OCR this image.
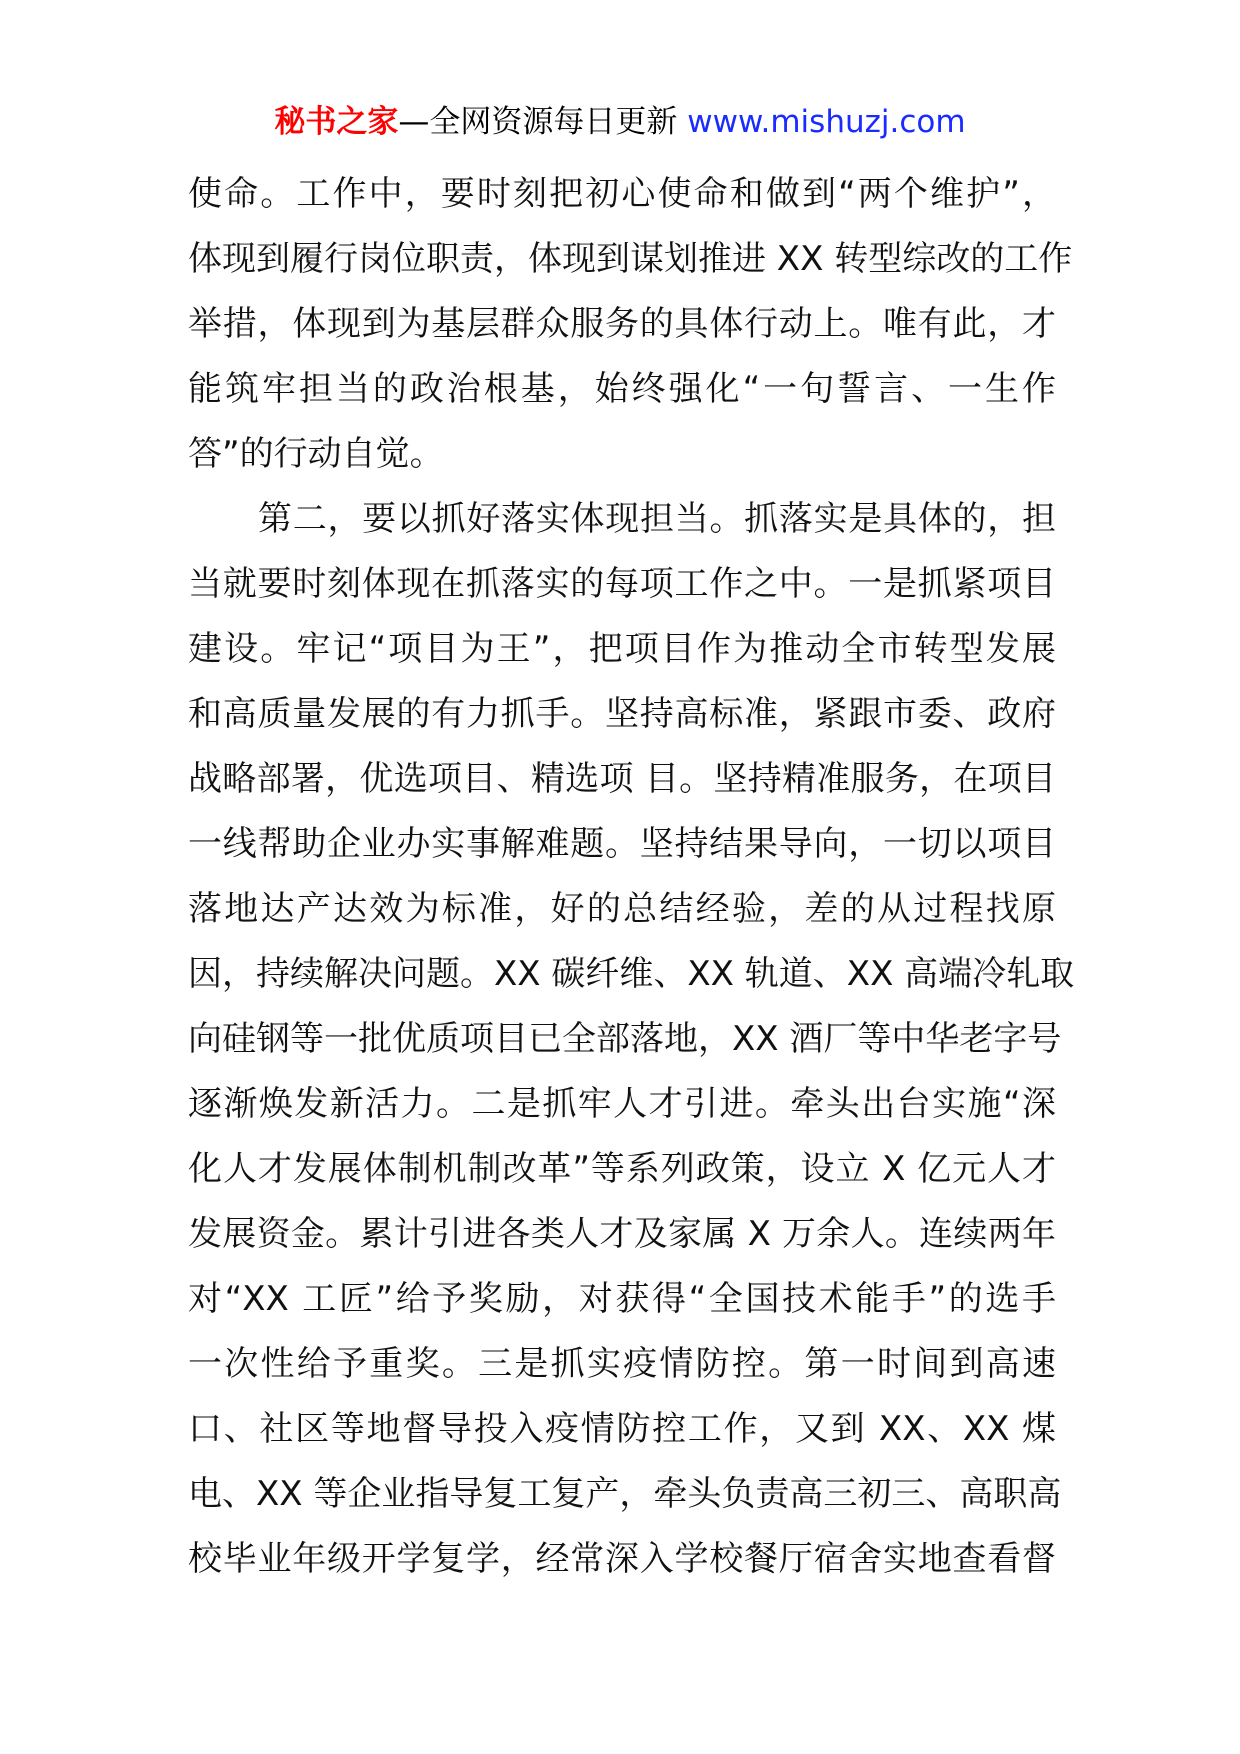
秘书之家—全网资源每日更新 www.mishuzj.com
使命。工作中，要时刻把初心使命和做到“两个维护”，
体现到履行岗位职责，体现到谋划推进 XX 转型综改的工作
举措，体现到为基层群众服务的具体行动上。唯有此，才
能筑牢担当的政治根基，始终强化“一句誓言、一生作
答”的行动自觉。
第二，要以抓好落实体现担当。抓落实是具体的，担
当就要时刻体现在抓落实的每项工作之中。一是抓紧项目
建设。牢记“项目为王”，把项目作为推动全市转型发展
和高质量发展的有力抓手。坚持高标准，紧跟市委、政府
战略部署，优选项目、精选项 目。坚持精准服务，在项目
一线帮助企业办实事解难题。坚持结果导向，一切以项目
落地达产达效为标准，好的总结经验，差的从过程找原
因，持续解决问题。XX 碳纤维、XX 轨道、XX 高端冷轧取
向硅钢等一批优质项目已全部落地，XX 酒厂等中华老字号
逐渐焕发新活力。二是抓牢人才引进。牵头出台实施“深
化人才发展体制机制改革”等系列政策，设立 X 亿元人才
发展资金。累计引进各类人才及家属 X 万余人。连续两年
对“XX 工匠”给予奖励，对获得“全国技术能手”的选手
一次性给予重奖。三是抓实疫情防控。第一时间到高速
口、社区等地督导投入疫情防控工作，又到 XX、XX 煤
电、XX 等企业指导复工复产，牵头负责高三初三、高职高
校毕业年级开学复学，经常深入学校餐厅宿舍实地查看督
